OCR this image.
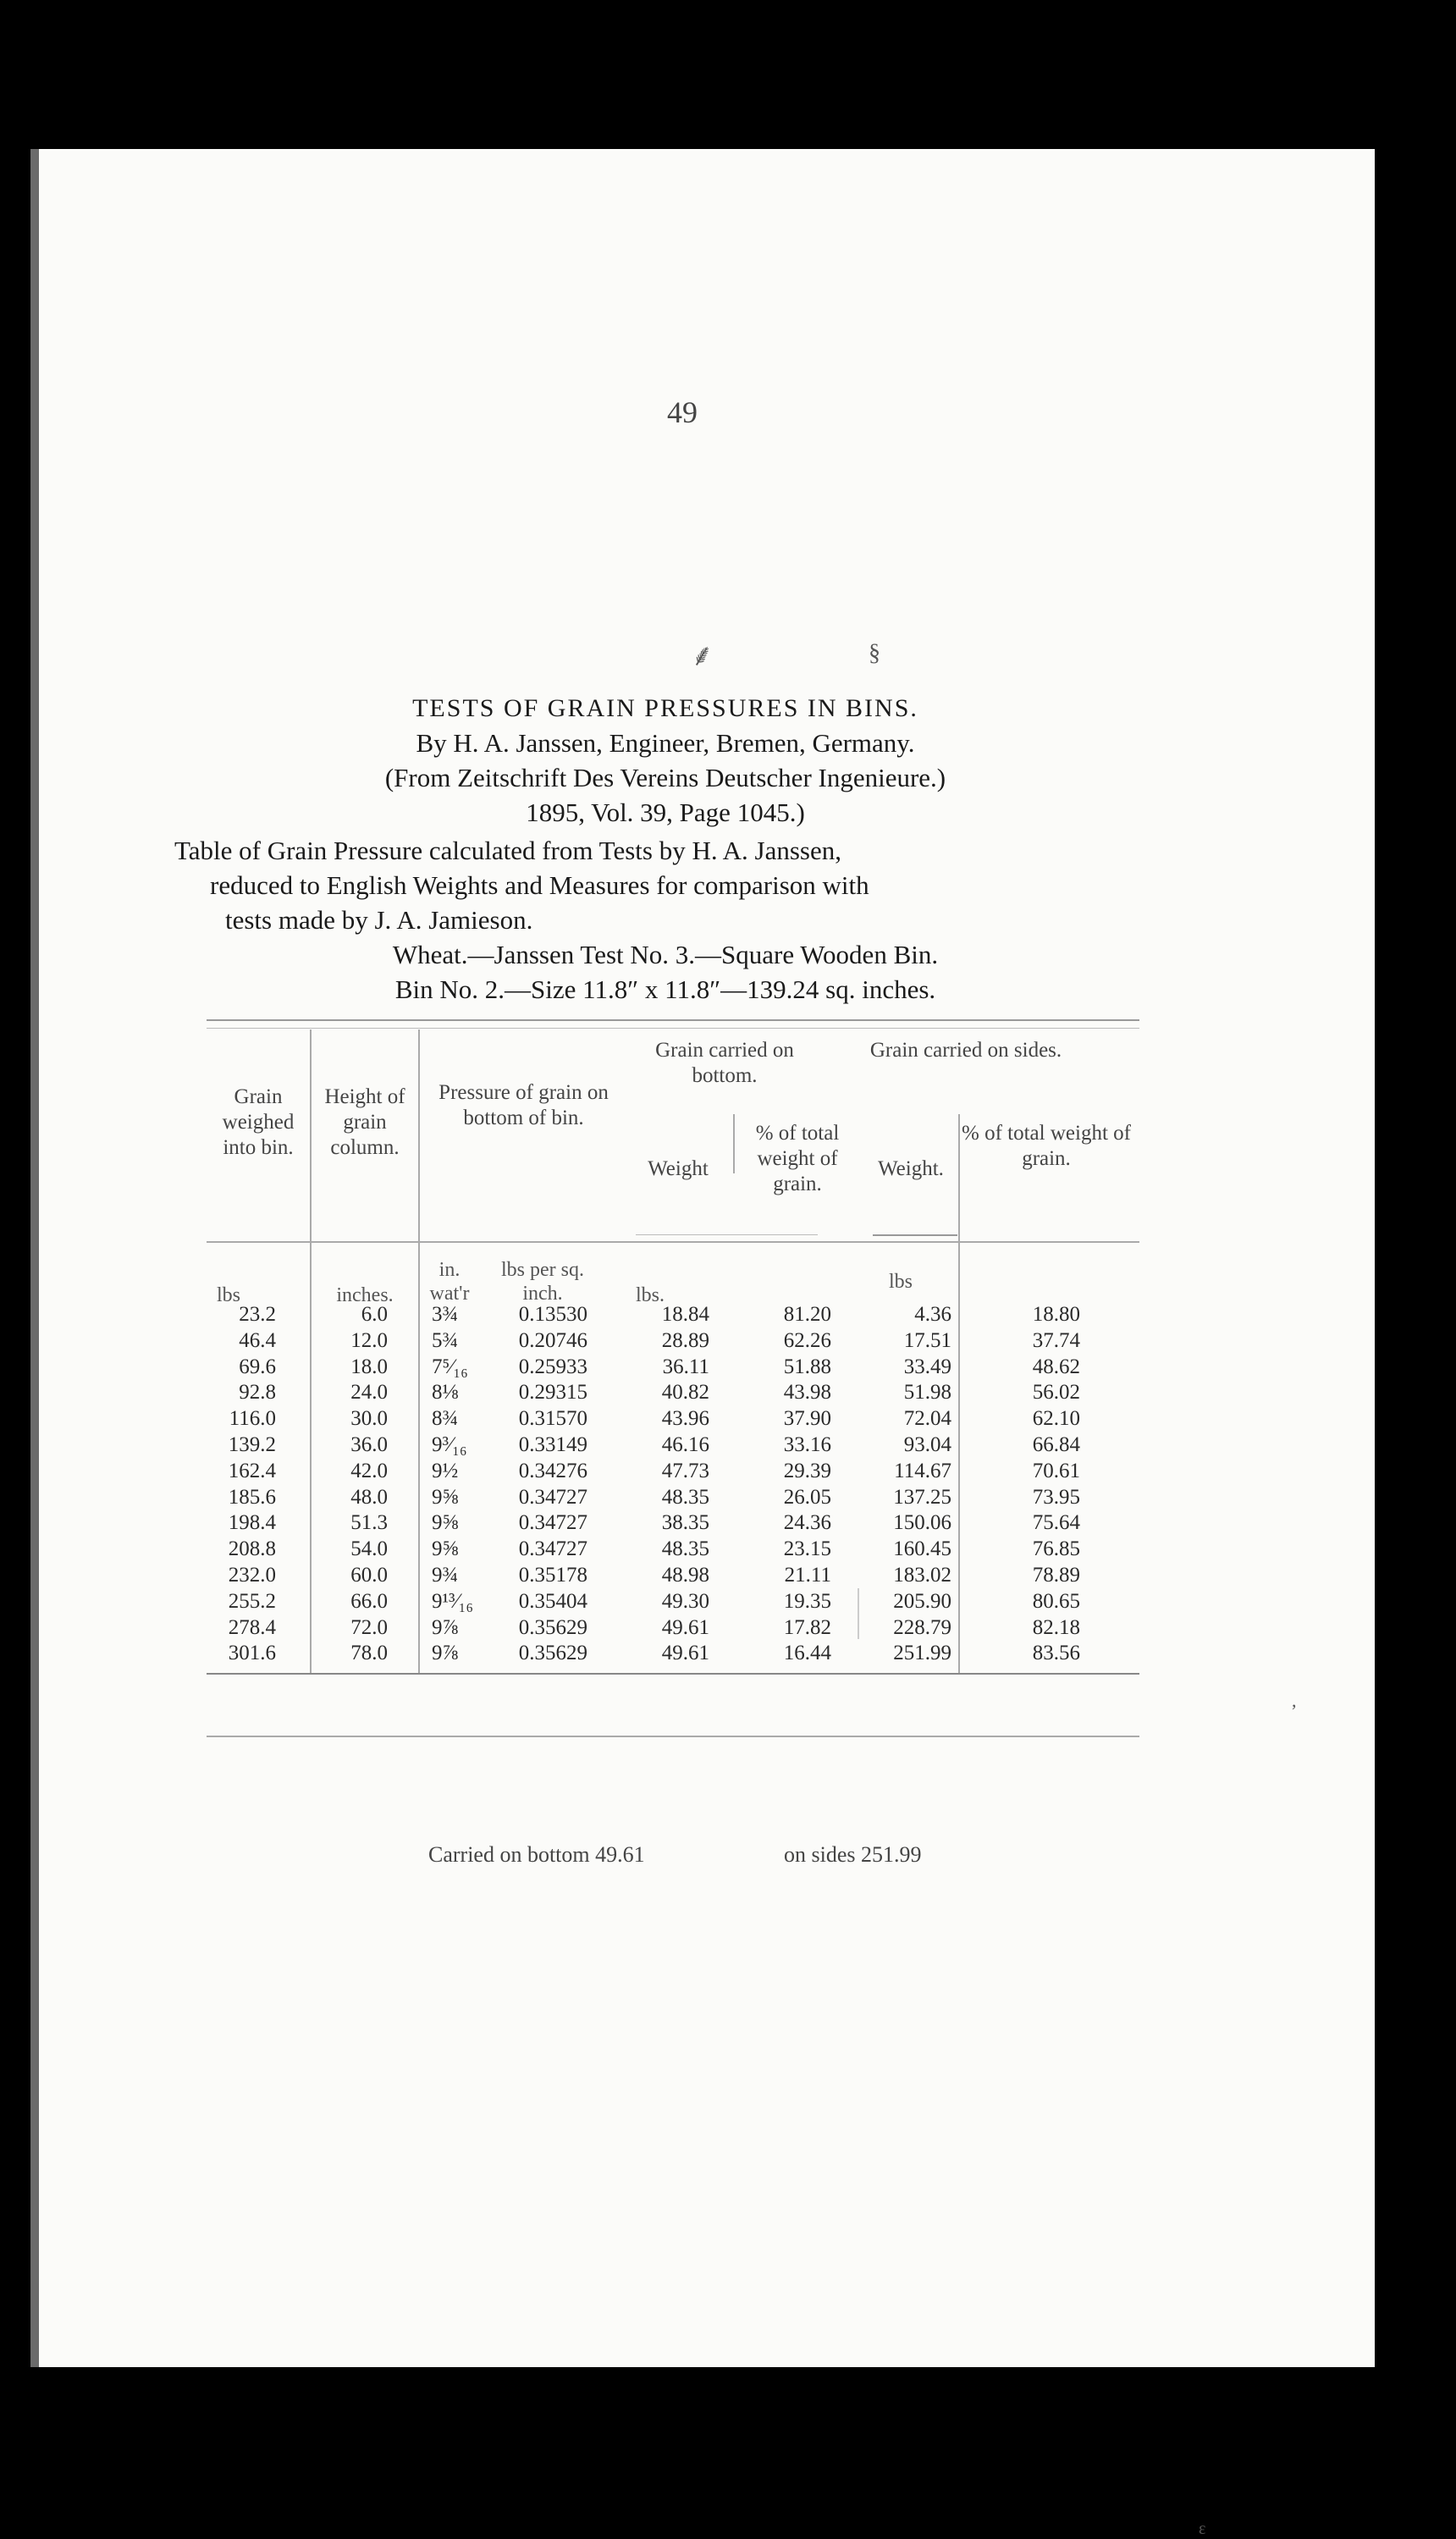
49
⸙	§
TESTS OF GRAIN PRESSURES IN BINS.
By H. A. Janssen, Engineer, Bremen, Germany.
(From Zeitschrift Des Vereins Deutscher Ingenieure.)
1895, Vol. 39, Page 1045.)
Table of Grain Pressure calculated from Tests by H. A. Janssen,
reduced to English Weights and Measures for comparison with
tests made by J. A. Jamieson.
Wheat.—Janssen Test No. 3.—Square Wooden Bin.
Bin No. 2.—Size 11.8″ x 11.8″—139.24 sq. inches.
Grain weighed into bin.
Height of grain column.
Pressure of grain on bottom of bin.
Grain carried on bottom.
Grain carried on sides.
Weight
% of total weight of grain.
Weight.
% of total weight of grain.
lbs	inches.
in. wat'r
lbs per sq. inch.	lbs.
lbs
23.2	6.0 3¾	0.13530	18.84	81.20	4.36	18.80
46.4	12.0 5¾	0.20746	28.89	62.26	17.51	37.74
69.6	18.0 7⁵⁄₁₆	0.25933	36.11	51.88	33.49	48.62
92.8	24.0 8⅛	0.29315	40.82	43.98	51.98	56.02
116.0	30.0 8¾	0.31570	43.96	37.90	72.04	62.10
139.2	36.0 9³⁄₁₆	0.33149	46.16	33.16	93.04	66.84
162.4	42.0 9½	0.34276	47.73	29.39	114.67	70.61
185.6	48.0 9⅝	0.34727	48.35	26.05	137.25	73.95
198.4	51.3 9⅝	0.34727	38.35	24.36	150.06	75.64
208.8	54.0 9⅝	0.34727	48.35	23.15	160.45	76.85
232.0	60.0 9¾	0.35178	48.98	21.11	183.02	78.89
255.2	66.0 9¹³⁄₁₆	0.35404	49.30	19.35	205.90	80.65
278.4	72.0 9⅞	0.35629	49.61	17.82	228.79	82.18
301.6	78.0 9⅞	0.35629	49.61	16.44	251.99	83.56
Carried on bottom 49.61	on sides 251.99
,
ɛ
